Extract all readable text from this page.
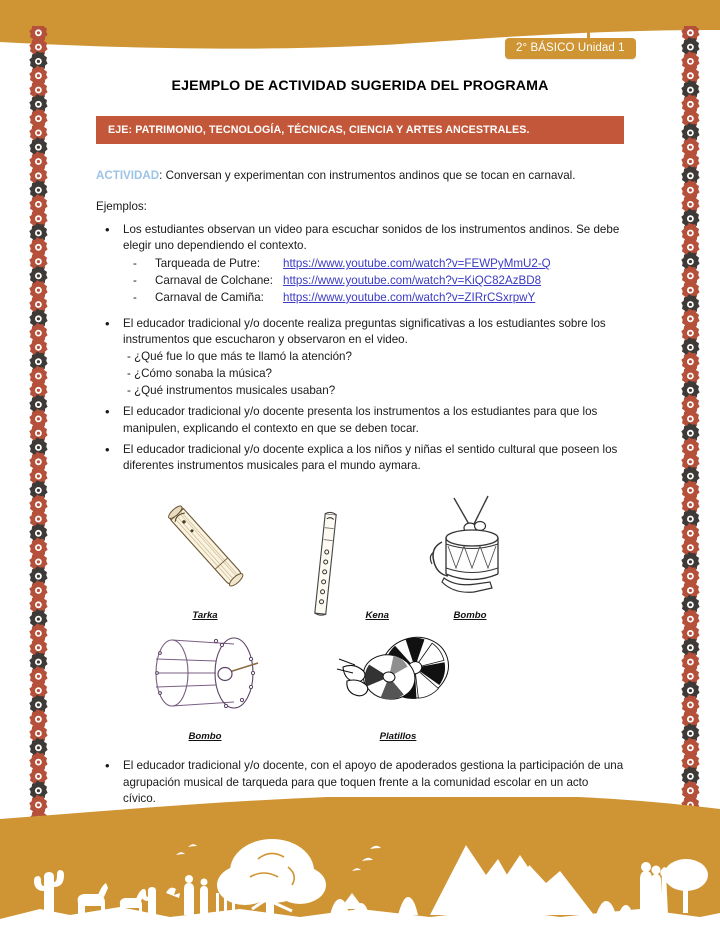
2° BÁSICO Unidad 1
EJEMPLO DE ACTIVIDAD SUGERIDA DEL PROGRAMA
EJE: PATRIMONIO, TECNOLOGÍA, TÉCNICAS, CIENCIA Y ARTES ANCESTRALES.

ACTIVIDAD: Conversan y experimentan con instrumentos andinos que se tocan en carnaval.

Ejemplos:

• Los estudiantes observan un video para escuchar sonidos de los instrumentos andinos. Se debe elegir uno dependiendo el contexto.
- Tarqueada de Putre: https://www.youtube.com/watch?v=FEWPyMmU2-Q
- Carnaval de Colchane: https://www.youtube.com/watch?v=KiQC82AzBD8
- Carnaval de Camiña: https://www.youtube.com/watch?v=ZIRrCSxrpwY
• El educador tradicional y/o docente realiza preguntas significativas a los estudiantes sobre los instrumentos que escucharon y observaron en el video.
- ¿Qué fue lo que más te llamó la atención?
- ¿Cómo sonaba la música?
- ¿Qué instrumentos musicales usaban?
• El educador tradicional y/o docente presenta los instrumentos a los estudiantes para que los manipulen, explicando el contexto en que se deben tocar.
• El educador tradicional y/o docente explica a los niños y niñas el sentido cultural que poseen los diferentes instrumentos musicales para el mundo aymara.
Tarka	Kena	Bombo
Bombo	Platillos
• El educador tradicional y/o docente, con el apoyo de apoderados gestiona la participación de una agrupación musical de tarqueda para que toquen frente a la comunidad escolar en un acto cívico.
